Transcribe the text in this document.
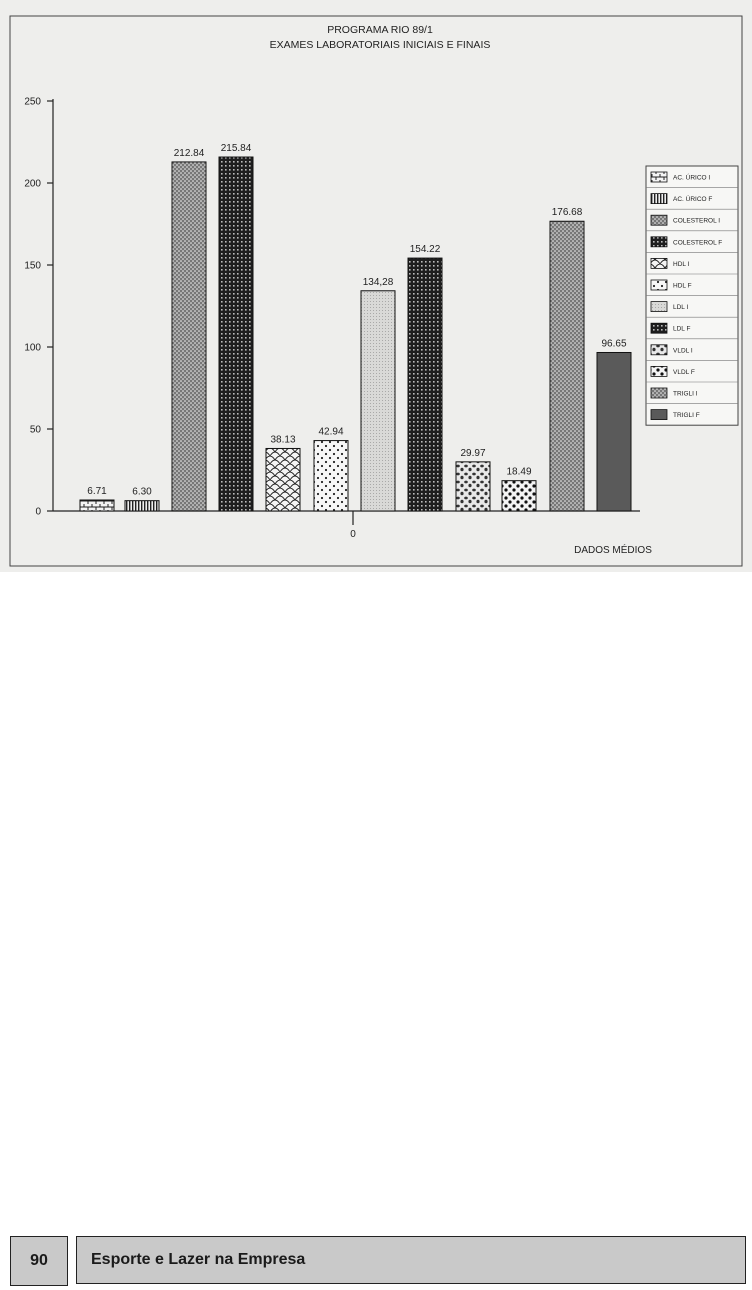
PROGRAMA RIO 89/1
EXAMES LABORATORIAIS INICIAIS E FINAIS
0
50
100
150
200
250
6.71	6.30
212.84 215.84
38.13
42.94
134,28
154.22
29.97
18.49
176.68
96.65
AC. ÚRICO I
AC. ÚRICO F
COLESTEROL I
COLESTEROL F
HDL I
HDL F
LDL I
LDL F
VLDL I
VLDL F
TRIGLI I
TRIGLI F
0
DADOS MÉDIOS
90	Esporte e Lazer na Empresa
